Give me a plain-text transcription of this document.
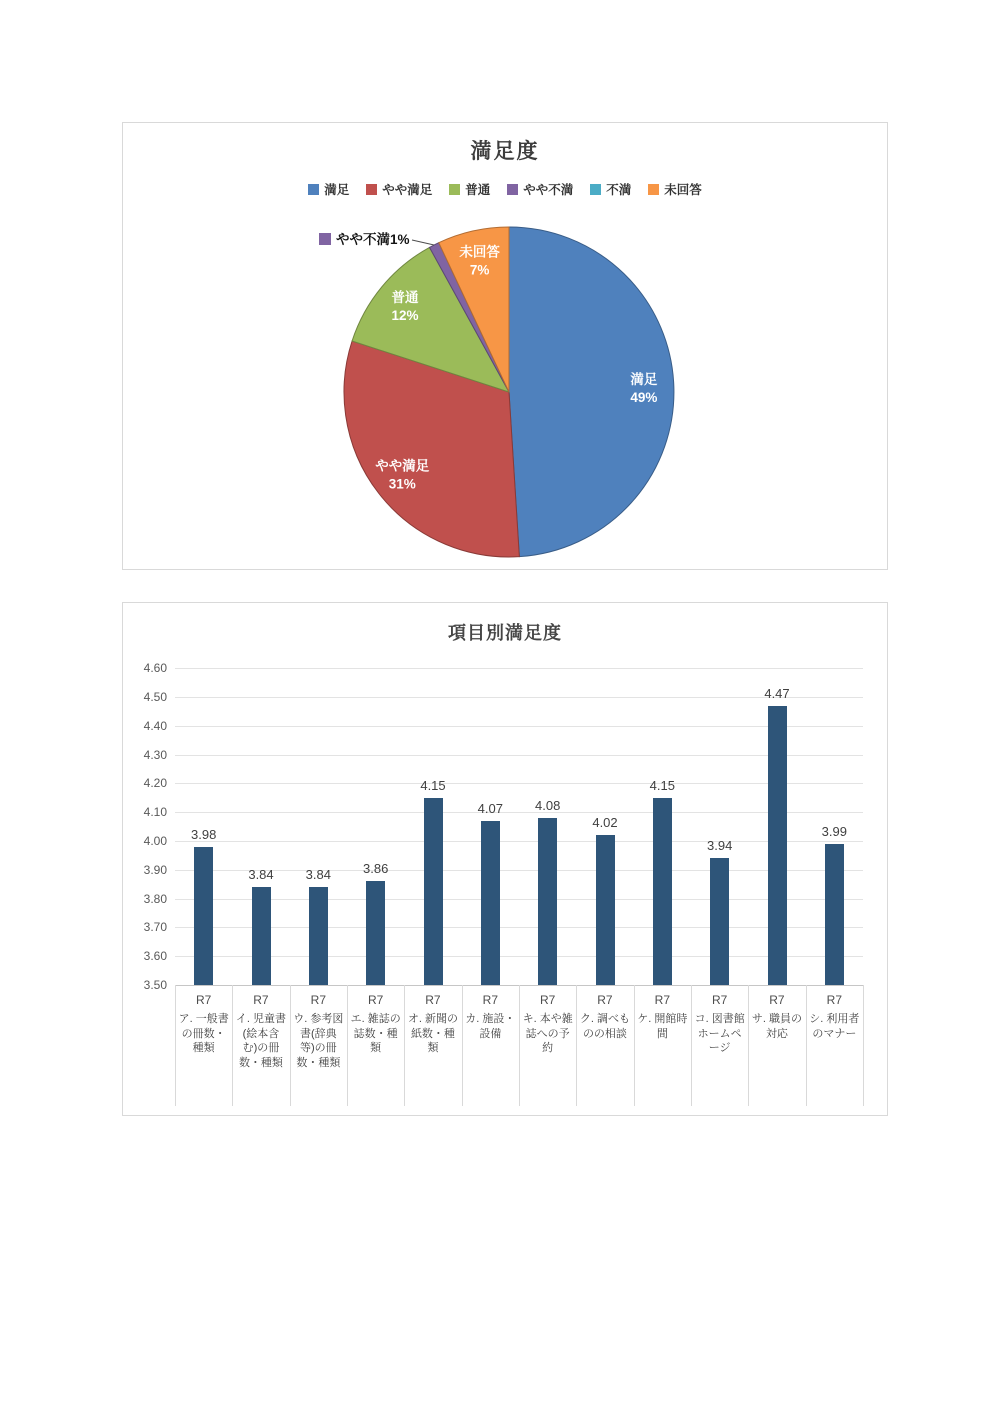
満足度
満足	やや満足	普通	やや不満	不満	未回答
満足 49%
やや満足 31%
普通 12%
やや不満1%
未回答 7%
項目別満足度
4.60
4.50
4.40
4.30
4.20
4.10
4.00
3.90
3.80
3.70
3.60
3.50
3.98
R7
ア. 一般書の冊数・種類
3.84
R7
イ. 児童書(絵本含む)の冊数・種類
3.84
R7
ウ. 参考図書(辞典等)の冊数・種類
3.86
R7
エ. 雑誌の誌数・種類
4.15
R7
オ. 新聞の紙数・種類
4.07
R7
カ. 施設・設備
4.08
R7
キ. 本や雑誌への予約
4.02
R7
ク. 調べものの相談
4.15
R7
ケ. 開館時間
3.94
R7
コ. 図書館ホームページ
4.47
R7
サ. 職員の対応
3.99
R7
シ. 利用者のマナー
